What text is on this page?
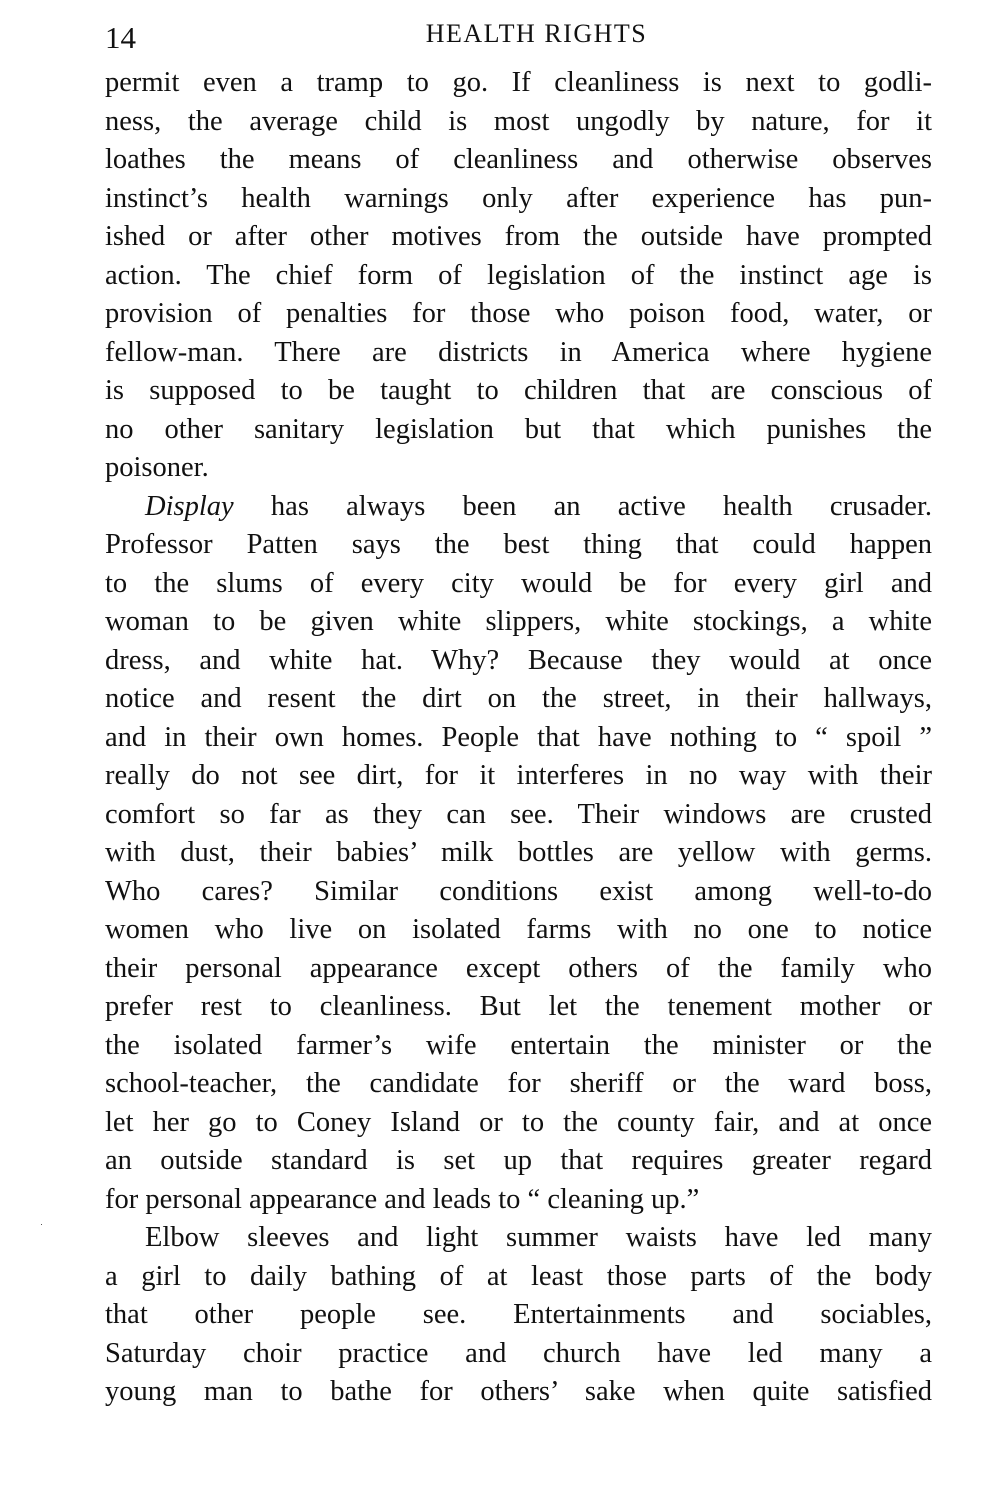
14	HEALTH RIGHTS
permit even a tramp to go. If cleanliness is next to godli-
ness, the average child is most ungodly by nature, for it
loathes the means of cleanliness and otherwise observes
instinct’s health warnings only after experience has pun-
ished or after other motives from the outside have prompted
action. The chief form of legislation of the instinct age is
provision of penalties for those who poison food, water, or
fellow-man. There are districts in America where hygiene
is supposed to be taught to children that are conscious of
no other sanitary legislation but that which punishes the
poisoner.
Display has always been an active health crusader.
Professor Patten says the best thing that could happen
to the slums of every city would be for every girl and
woman to be given white slippers, white stockings, a white
dress, and white hat. Why? Because they would at once
notice and resent the dirt on the street, in their hallways,
and in their own homes. People that have nothing to “ spoil ”
really do not see dirt, for it interferes in no way with their
comfort so far as they can see. Their windows are crusted
with dust, their babies’ milk bottles are yellow with germs.
Who cares? Similar conditions exist among well-to-do
women who live on isolated farms with no one to notice
their personal appearance except others of the family who
prefer rest to cleanliness. But let the tenement mother or
the isolated farmer’s wife entertain the minister or the
school-teacher, the candidate for sheriff or the ward boss,
let her go to Coney Island or to the county fair, and at once
an outside standard is set up that requires greater regard
for personal appearance and leads to “ cleaning up.”
Elbow sleeves and light summer waists have led many
a girl to daily bathing of at least those parts of the body
that other people see. Entertainments and sociables,
Saturday choir practice and church have led many a
young man to bathe for others’ sake when quite satisfied
